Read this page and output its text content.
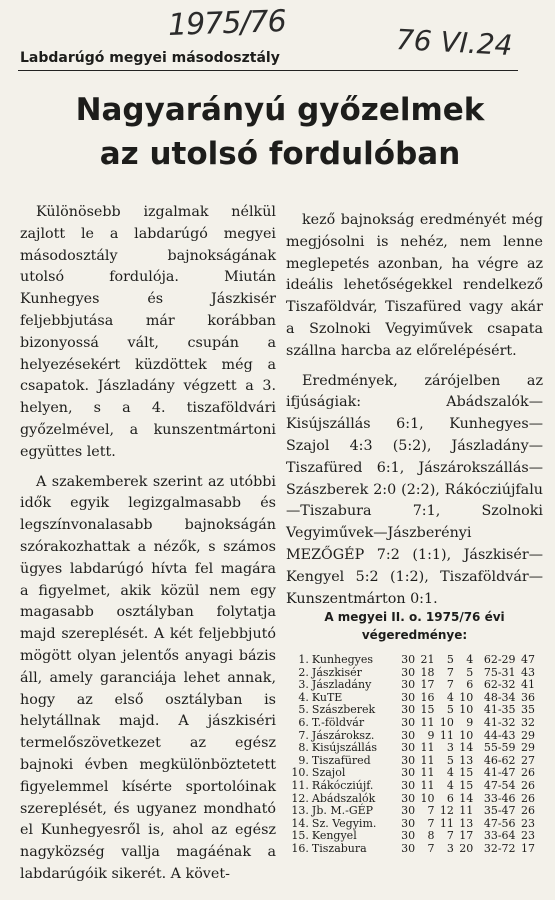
1975/76	76 VI.24
Labdarúgó megyei másodosztály
Nagyarányú győzelmek
az utolsó fordulóban

Különösebb izgalmak nélkül zajlott le a labdarúgó megyei másodosztály bajnokságának utolsó fordulója. Miután Kunhegyes és Jászkisér feljebbjutása már korábban bizonyossá vált, csupán a helyezésekért küzdöttek még a csapatok. Jászladány végzett a 3. helyen, s a 4. tiszaföldvári győzelmével, a kunszentmártoni együttes lett.

A szakemberek szerint az utóbbi idők egyik legizgalmasabb és legszínvonalasabb bajnokságán szórakozhattak a nézők, s számos ügyes labdarúgó hívta fel magára a figyelmet, akik közül nem egy magasabb osztályban folytatja majd szereplését. A két feljebbjutó mögött olyan jelentős anyagi bázis áll, amely garanciája lehet annak, hogy az első osztályban is helytállnak majd. A jászkiséri termelőszövetkezet az egész bajnoki évben megkülönböztetett figyelemmel kísérte sportolóinak szereplését, és ugyanez mondható el Kunhegyesről is, ahol az egész nagyközség vallja magáénak a labdarúgóik sikerét. A követ-

kező bajnokság eredményét még megjósolni is nehéz, nem lenne meglepetés azonban, ha végre az ideális lehetőségekkel rendelkező Tiszaföldvár, Tiszafüred vagy akár a Szolnoki Vegyiművek csapata szállna harcba az előrelépésért.

Eredmények, zárójelben az ifjúságiak: Abádszalók—Kisújszállás 6:1, Kunhegyes—Szajol 4:3 (5:2), Jászladány—Tiszafüred 6:1, Jászárokszállás—Szászberek 2:0 (2:2), Rákócziújfalu—Tiszabura 7:1, Szolnoki Vegyiművek—Jászberényi MEZŐGÉP 7:2 (1:1), Jászkisér—Kengyel 5:2 (1:2), Tiszaföldvár—Kunszentmárton 0:1.

A megyei II. o. 1975/76 évi
végeredménye:
1.	Kunhegyes	30	21	5	4	62-29	47
2.	Jászkisér	30	18	7	5	75-31	43
3.	Jászladány	30	17	7	6	62-32	41
4.	KuTE	30	16	4	10	48-34	36
5.	Szászberek	30	15	5	10	41-35	35
6.	T.-földvár	30	11	10	9	41-32	32
7.	Jászároksz.	30	9	11	10	44-43	29
8.	Kisújszállás	30	11	3	14	55-59	29
9.	Tiszafüred	30	11	5	13	46-62	27
10.	Szajol	30	11	4	15	41-47	26
11.	Rákócziújf.	30	11	4	15	47-54	26
12.	Abádszalók	30	10	6	14	33-46	26
13.	Jb. M.-GÉP	30	7	12	11	35-47	26
14.	Sz. Vegyim.	30	7	11	13	47-56	23
15.	Kengyel	30	8	7	17	33-64	23
16.	Tiszabura	30	7	3	20	32-72	17
